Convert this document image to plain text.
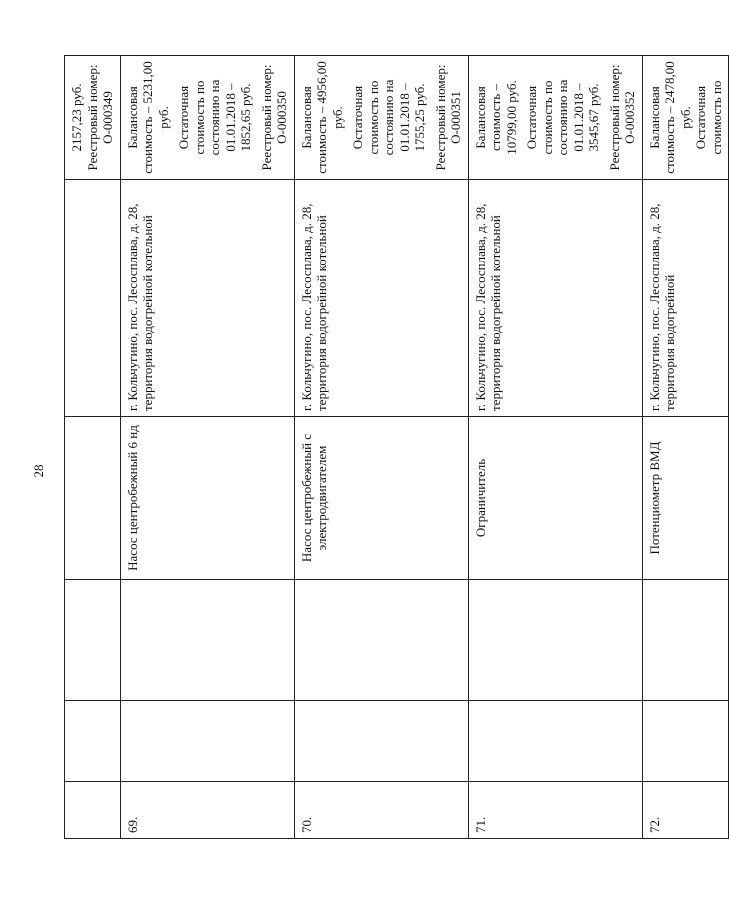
28

					2157,23 руб. Реестровый номер: О-000349

69.			Насос центробежный 6 нд	г. Кольчугино, пос. Лесосплава, д. 28, территория водогрейной котельной	Балансовая стоимость – 5231,00 руб. Остаточная стоимость по состоянию на 01.01.2018 – 1852,65 руб. Реестровый номер: О-000350

70.			Насос центробежный с электродвигателем	г. Кольчугино, пос. Лесосплава, д. 28, территория водогрейной котельной	Балансовая стоимость – 4956,00 руб. Остаточная стоимость по состоянию на 01.01.2018 – 1755,25 руб. Реестровый номер: О-000351

71.			Ограничитель	г. Кольчугино, пос. Лесосплава, д. 28, территория водогрейной котельной	Балансовая стоимость – 10799,00 руб. Остаточная стоимость по состоянию на 01.01.2018 – 3545,67 руб. Реестровый номер: О-000352

72.			Потенциометр ВМД	г. Кольчугино, пос. Лесосплава, д. 28, территория водогрейной	Балансовая стоимость – 2478,00 руб. Остаточная стоимость по
